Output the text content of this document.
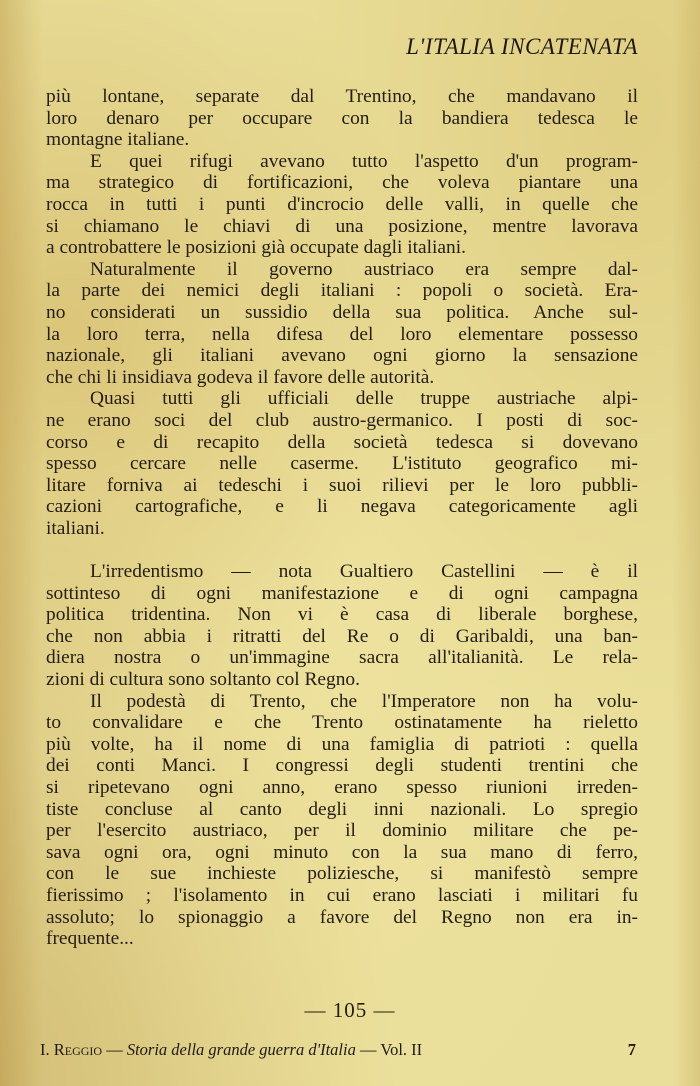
L'ITALIA INCATENATA
più lontane, separate dal Trentino, che mandavano il
loro denaro per occupare con la bandiera tedesca le
montagne italiane.
E quei rifugi avevano tutto l'aspetto d'un program-
ma strategico di fortificazioni, che voleva piantare una
rocca in tutti i punti d'incrocio delle valli, in quelle che
si chiamano le chiavi di una posizione, mentre lavorava
a controbattere le posizioni già occupate dagli italiani.
Naturalmente il governo austriaco era sempre dal-
la parte dei nemici degli italiani : popoli o società. Era-
no considerati un sussidio della sua politica. Anche sul-
la loro terra, nella difesa del loro elementare possesso
nazionale, gli italiani avevano ogni giorno la sensazione
che chi li insidiava godeva il favore delle autorità.
Quasi tutti gli ufficiali delle truppe austriache alpi-
ne erano soci del club austro-germanico. I posti di soc-
corso e di recapito della società tedesca si dovevano
spesso cercare nelle caserme. L'istituto geografico mi-
litare forniva ai tedeschi i suoi rilievi per le loro pubbli-
cazioni cartografiche, e li negava categoricamente agli
italiani.
L'irredentismo — nota Gualtiero Castellini — è il
sottinteso di ogni manifestazione e di ogni campagna
politica tridentina. Non vi è casa di liberale borghese,
che non abbia i ritratti del Re o di Garibaldi, una ban-
diera nostra o un'immagine sacra all'italianità. Le rela-
zioni di cultura sono soltanto col Regno.
Il podestà di Trento, che l'Imperatore non ha volu-
to convalidare e che Trento ostinatamente ha rieletto
più volte, ha il nome di una famiglia di patrioti : quella
dei conti Manci. I congressi degli studenti trentini che
si ripetevano ogni anno, erano spesso riunioni irreden-
tiste concluse al canto degli inni nazionali. Lo spregio
per l'esercito austriaco, per il dominio militare che pe-
sava ogni ora, ogni minuto con la sua mano di ferro,
con le sue inchieste poliziesche, si manifestò sempre
fierissimo ; l'isolamento in cui erano lasciati i militari fu
assoluto; lo spionaggio a favore del Regno non era in-
frequente...
— 105 —
I. Reggio — Storia della grande guerra d'Italia — Vol. II	7
